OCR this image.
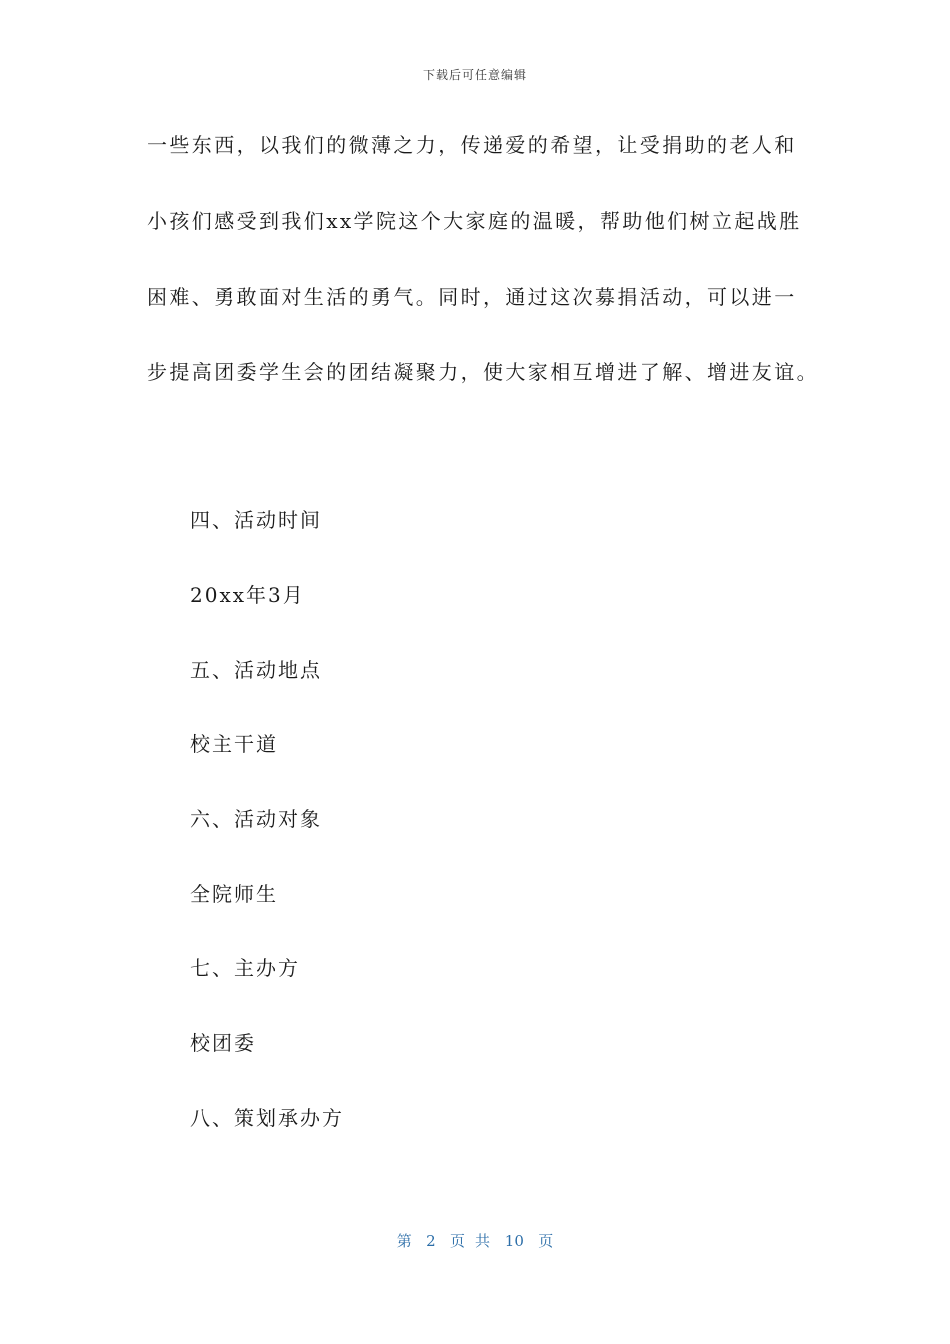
下载后可任意编辑
一些东西，以我们的微薄之力，传递爱的希望，让受捐助的老人和
小孩们感受到我们xx学院这个大家庭的温暖，帮助他们树立起战胜
困难、勇敢面对生活的勇气。同时，通过这次募捐活动，可以进一
步提高团委学生会的团结凝聚力，使大家相互增进了解、增进友谊。
四、活动时间
20xx年3月
五、活动地点
校主干道
六、活动对象
全院师生
七、主办方
校团委
八、策划承办方
第 2 页共 10 页
